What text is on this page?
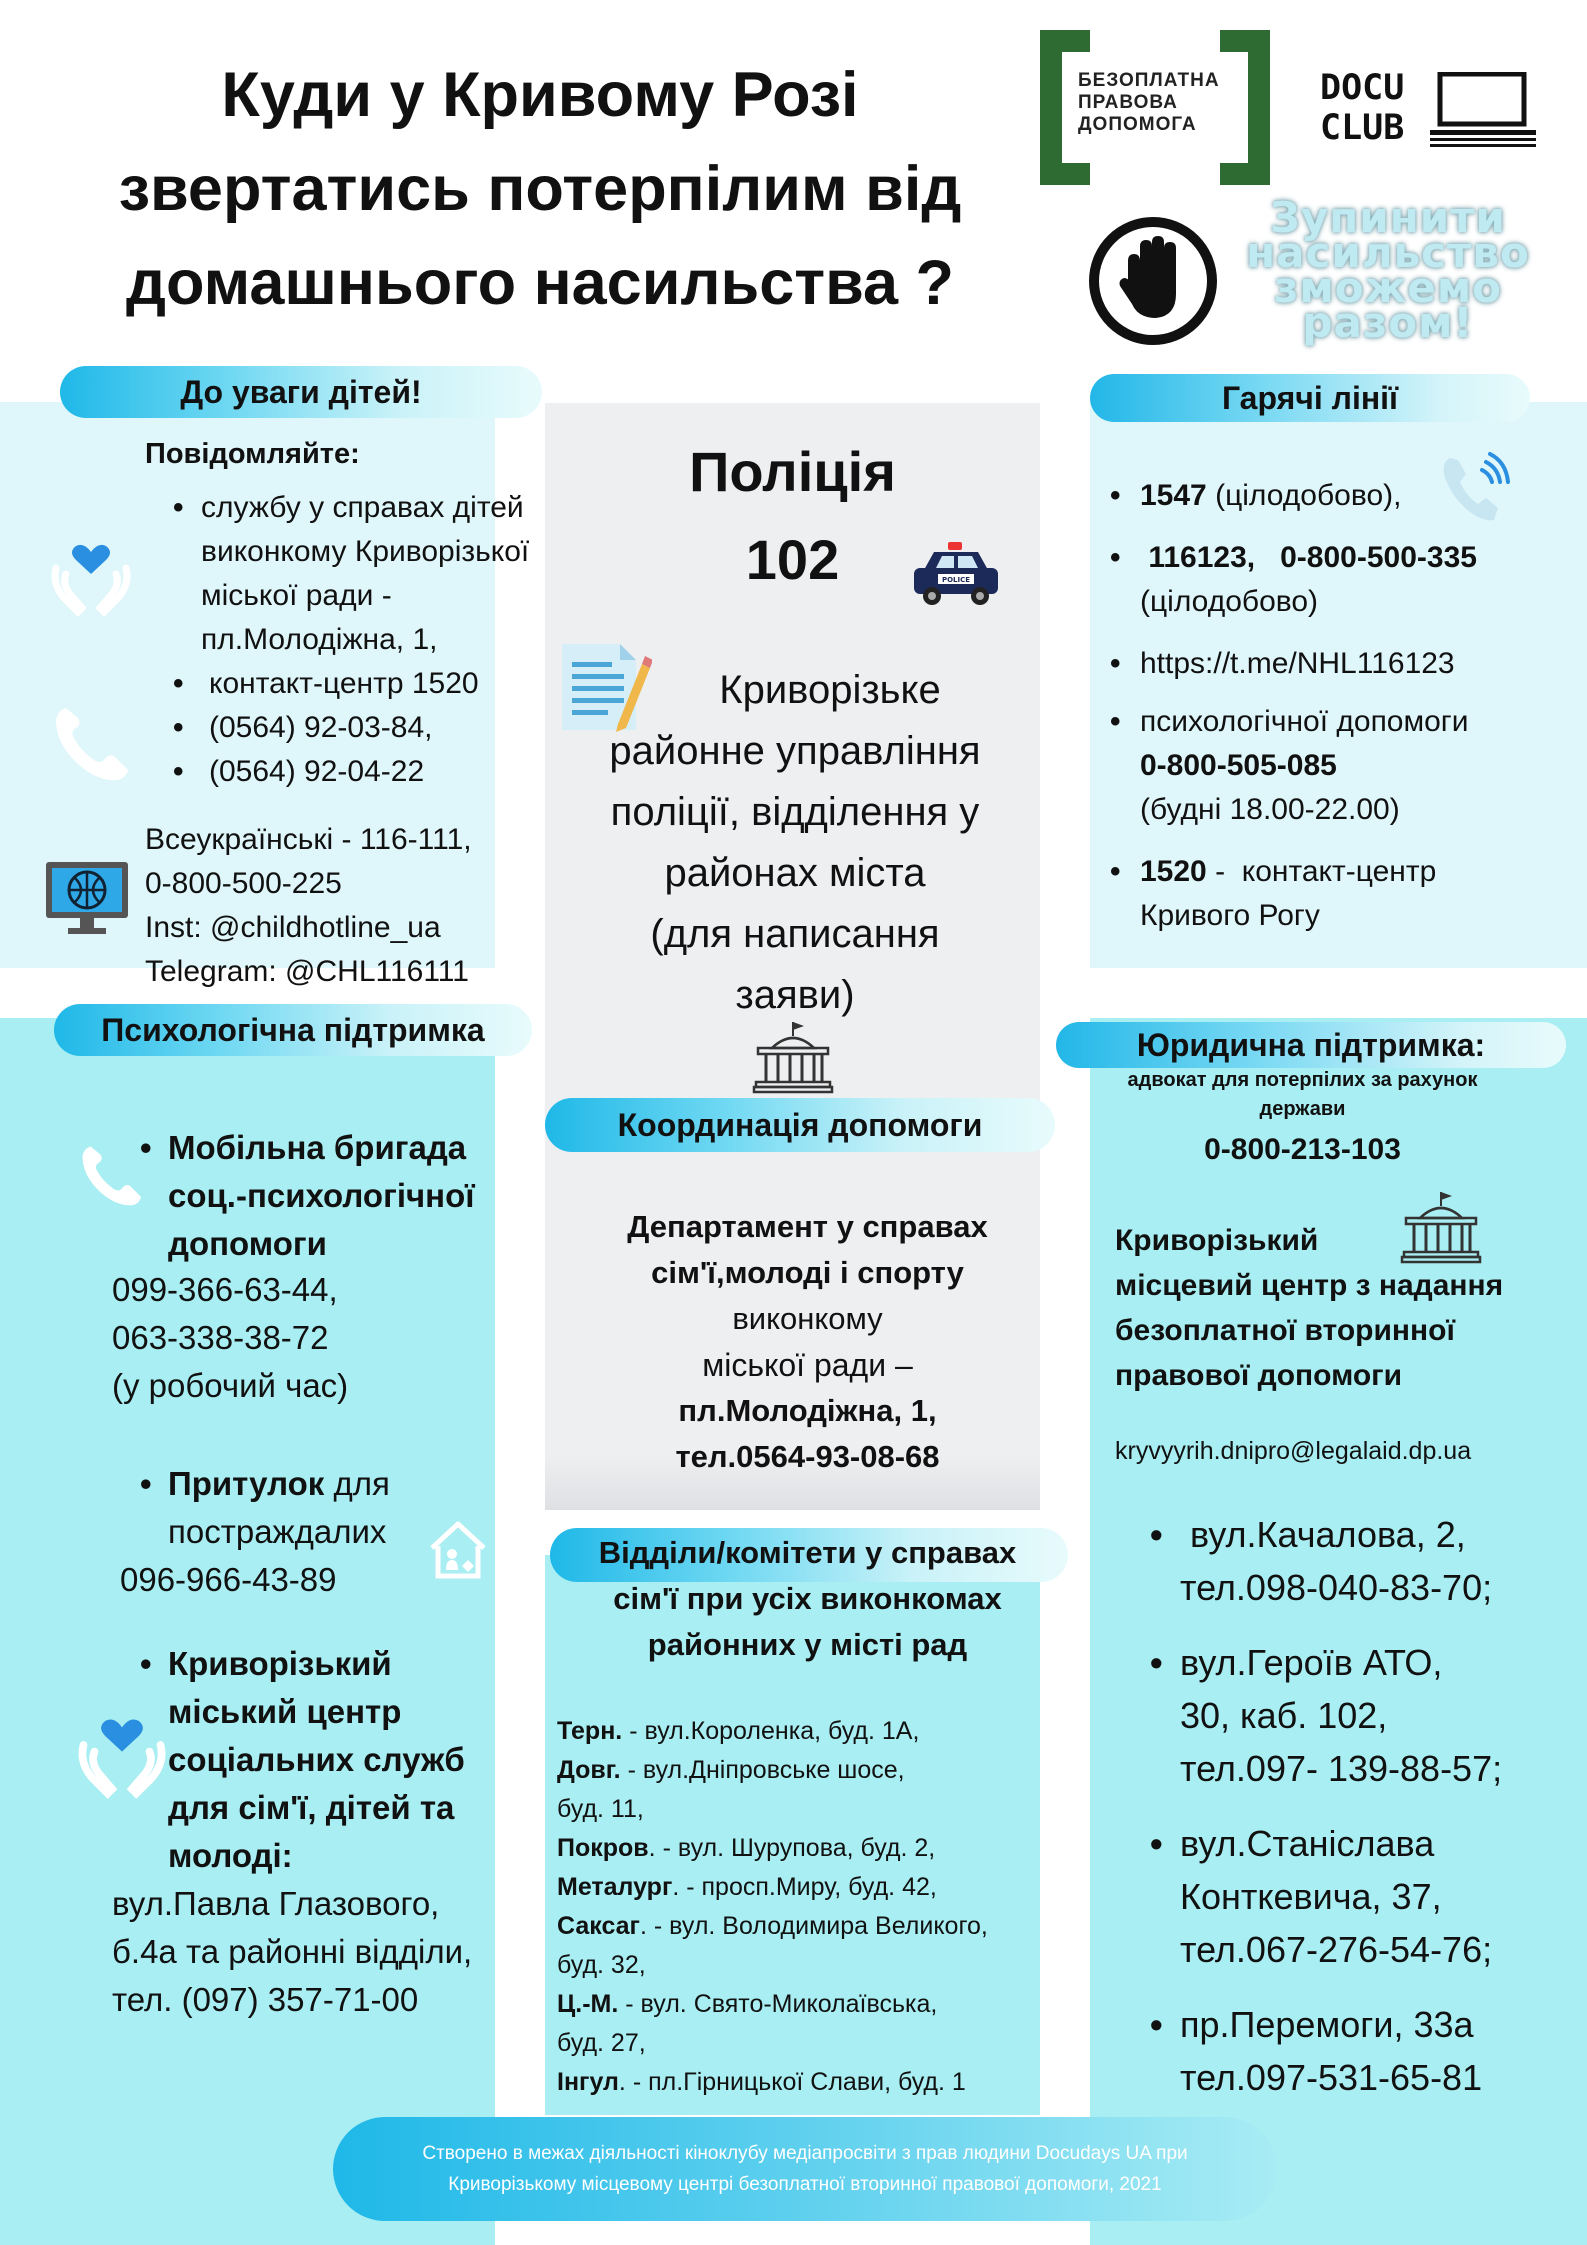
Куди у Кривому Розі
звертатись потерпілим від
домашнього насильства ?
БЕЗОПЛАТНА
ПРАВОВА
ДОПОМОГА
DOCU
CLUB
Зупинити
насильство
зможемо
разом!
До уваги дітей!
Повідомляйте:
• службу у справах дітей
виконкому Криворізької
міської ради -
пл.Молодіжна, 1,
• контакт-центр 1520
• (0564) 92-03-84,
• (0564) 92-04-22
Всеукраїнські - 116-111,
0-800-500-225
Inst: @childhotline_ua
Telegram: @CHL116111
Поліція
102	POLICE
Криворізьке
районне управління
поліції, відділення у
районах міста
(для написання
заяви)
Гарячі лінії
• 1547 (цілодобово),
•  116123,   0-800-500-335
(цілодобово)
• https://t.me/NHL116123
• психологічної допомоги
0-800-505-085
(будні 18.00-22.00)
• 1520 -  контакт-центр
Кривого Рогу
Психологічна підтримка
• Мобільна бригада
соц.-психологічної
допомоги
099-366-63-44,
063-338-38-72
(у робочий час)
• Притулок для
постраждалих
096-966-43-89
• Криворізький
міський центр
соціальних служб
для сім'ї, дітей та
молоді:
вул.Павла Глазового,
б.4а та районні відділи,
тел. (097) 357-71-00
Координація допомоги
Департамент у справах
сім'ї,молоді і спорту
виконкому
міської ради –
пл.Молодіжна, 1,
тел.0564-93-08-68
Відділи/комітети у справах
сім'ї при усіх виконкомах
районних у місті рад
Терн. - вул.Короленка, буд. 1А,
Довг. - вул.Дніпровське шосе,
буд. 11,
Покров. - вул. Шурупова, буд. 2,
Металург. - просп.Миру, буд. 42,
Саксаг. - вул. Володимира Великого,
буд. 32,
Ц.-М. - вул. Свято-Миколаївська,
буд. 27,
Інгул. - пл.Гірницької Слави, буд. 1
Юридична підтримка:
адвокат для потерпілих за рахунок
держави
0-800-213-103
Криворізький
місцевий центр з надання
безоплатної вторинної
правової допомоги
kryvyyrih.dnipro@legalaid.dp.ua
•  вул.Качалова, 2,
тел.098-040-83-70;
• вул.Героїв АТО,
30, каб. 102,
тел.097- 139-88-57;
• вул.Станіслава
Конткевича, 37,
тел.067-276-54-76;
• пр.Перемоги, 33а
тел.097-531-65-81
Створено в межах діяльності кіноклубу медіапросвіти з прав людини Docudays UA при
Криворізькому місцевому центрі безоплатної вторинної правової допомоги, 2021
